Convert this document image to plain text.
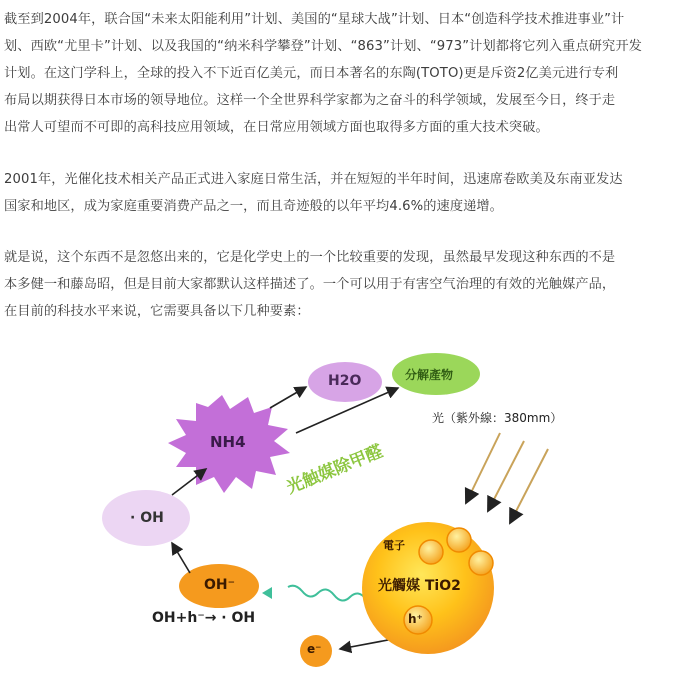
截至到2004年，联合国“未来太阳能利用”计划、美国的“星球大战”计划、日本“创造科学技术推进事业”计
划、西欧“尤里卡”计划、以及我国的“纳米科学攀登”计划、“863”计划、“973”计划都将它列入重点研究开发
计划。在这门学科上，全球的投入不下近百亿美元，而日本著名的东陶(TOTO)更是斥资2亿美元进行专利
布局以期获得日本市场的领导地位。这样一个全世界科学家都为之奋斗的科学领域，发展至今日，终于走
出常人可望而不可即的高科技应用领域，在日常应用领域方面也取得多方面的重大技术突破。
2001年，光催化技术相关产品正式进入家庭日常生活，并在短短的半年时间，迅速席卷欧美及东南亚发达
国家和地区，成为家庭重要消费产品之一，而且奇迹般的以年平均4.6%的速度递增。
就是说，这个东西不是忽悠出来的，它是化学史上的一个比较重要的发现，虽然最早发现这种东西的不是
本多健一和藤岛昭，但是目前大家都默认这样描述了。一个可以用于有害空气治理的有效的光触媒产品，
在目前的科技水平来说，它需要具备以下几种要素：
H2O	分解產物
NH4
光（紫外線：380mm）
光触媒除甲醛
· OH
電子
光觸媒 TiO2
OH⁻
h⁺
OH+h⁻→ · OH
e⁻
